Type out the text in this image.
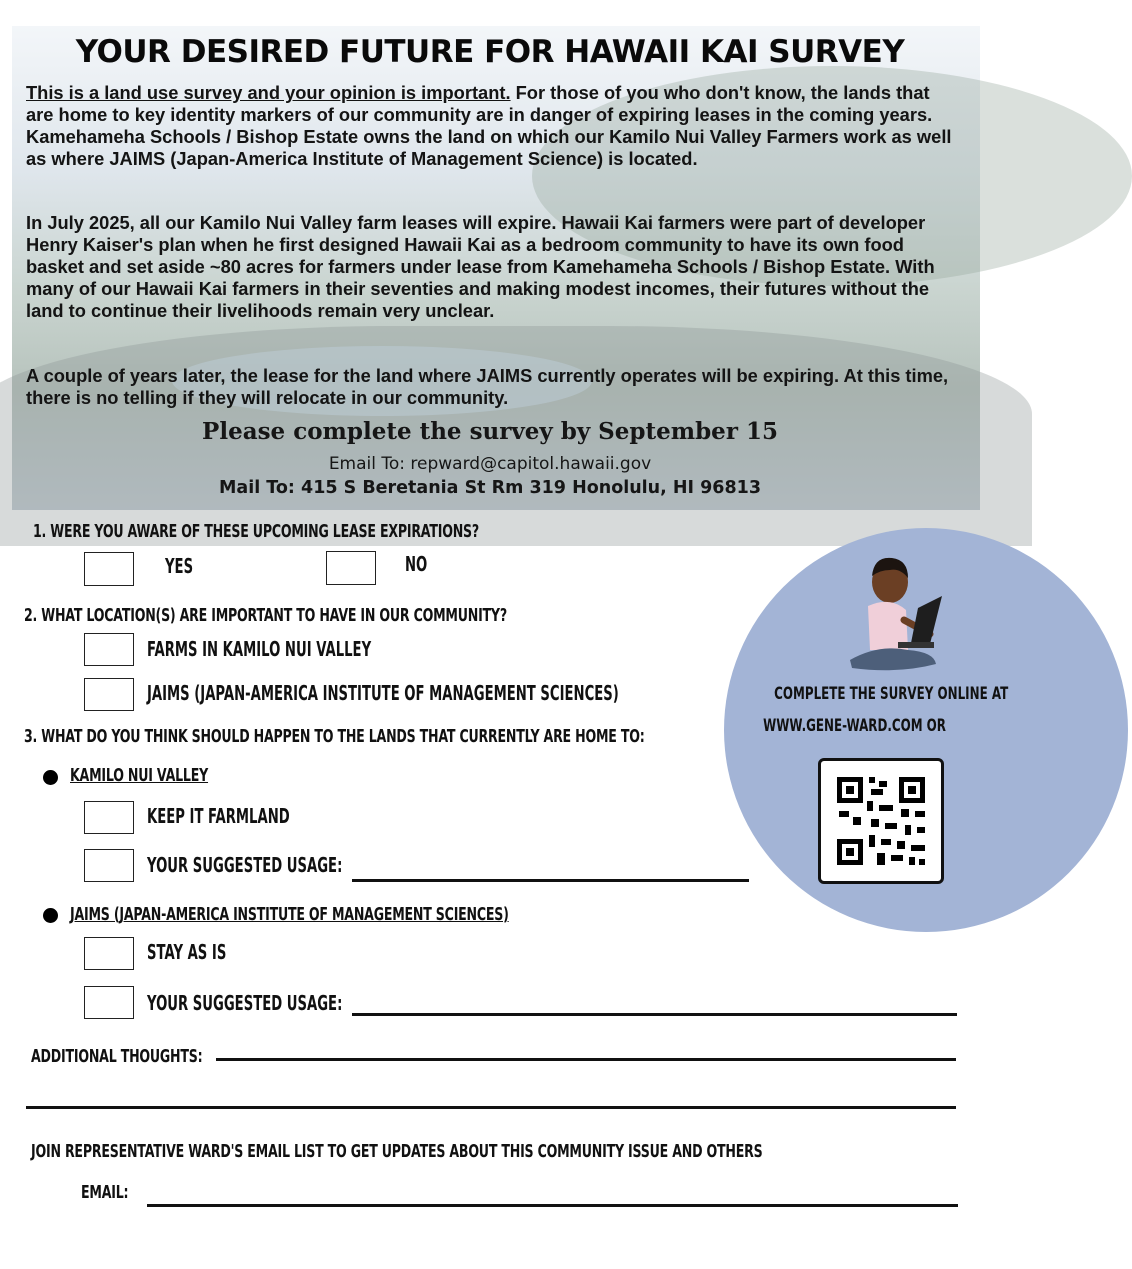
YOUR DESIRED FUTURE FOR HAWAII KAI SURVEY

This is a land use survey and your opinion is important. For those of you who don't know, the lands that are home to key identity markers of our community are in danger of expiring leases in the coming years. Kamehameha Schools / Bishop Estate owns the land on which our Kamilo Nui Valley Farmers work as well as where JAIMS (Japan-America Institute of Management Science) is located.

In July 2025, all our Kamilo Nui Valley farm leases will expire. Hawaii Kai farmers were part of developer Henry Kaiser's plan when he first designed Hawaii Kai as a bedroom community to have its own food basket and set aside ~80 acres for farmers under lease from Kamehameha Schools / Bishop Estate. With many of our Hawaii Kai farmers in their seventies and making modest incomes, their futures without the land to continue their livelihoods remain very unclear.

A couple of years later, the lease for the land where JAIMS currently operates will be expiring. At this time, there is no telling if they will relocate in our community.

Please complete the survey by September 15
Email To: repward@capitol.hawaii.gov
Mail To: 415 S Beretania St Rm 319 Honolulu, HI 96813
COMPLETE THE SURVEY ONLINE AT
WWW.GENE-WARD.COM OR
1. WERE YOU AWARE OF THESE UPCOMING LEASE EXPIRATIONS?
YES	NO
2. WHAT LOCATION(S) ARE IMPORTANT TO HAVE IN OUR COMMUNITY?
FARMS IN KAMILO NUI VALLEY
JAIMS (JAPAN-AMERICA INSTITUTE OF MANAGEMENT SCIENCES)
3. WHAT DO YOU THINK SHOULD HAPPEN TO THE LANDS THAT CURRENTLY ARE HOME TO:
KAMILO NUI VALLEY
KEEP IT FARMLAND
YOUR SUGGESTED USAGE:
JAIMS (JAPAN-AMERICA INSTITUTE OF MANAGEMENT SCIENCES)
STAY AS IS
YOUR SUGGESTED USAGE:
ADDITIONAL THOUGHTS:
JOIN REPRESENTATIVE WARD'S EMAIL LIST TO GET UPDATES ABOUT THIS COMMUNITY ISSUE AND OTHERS
EMAIL:
